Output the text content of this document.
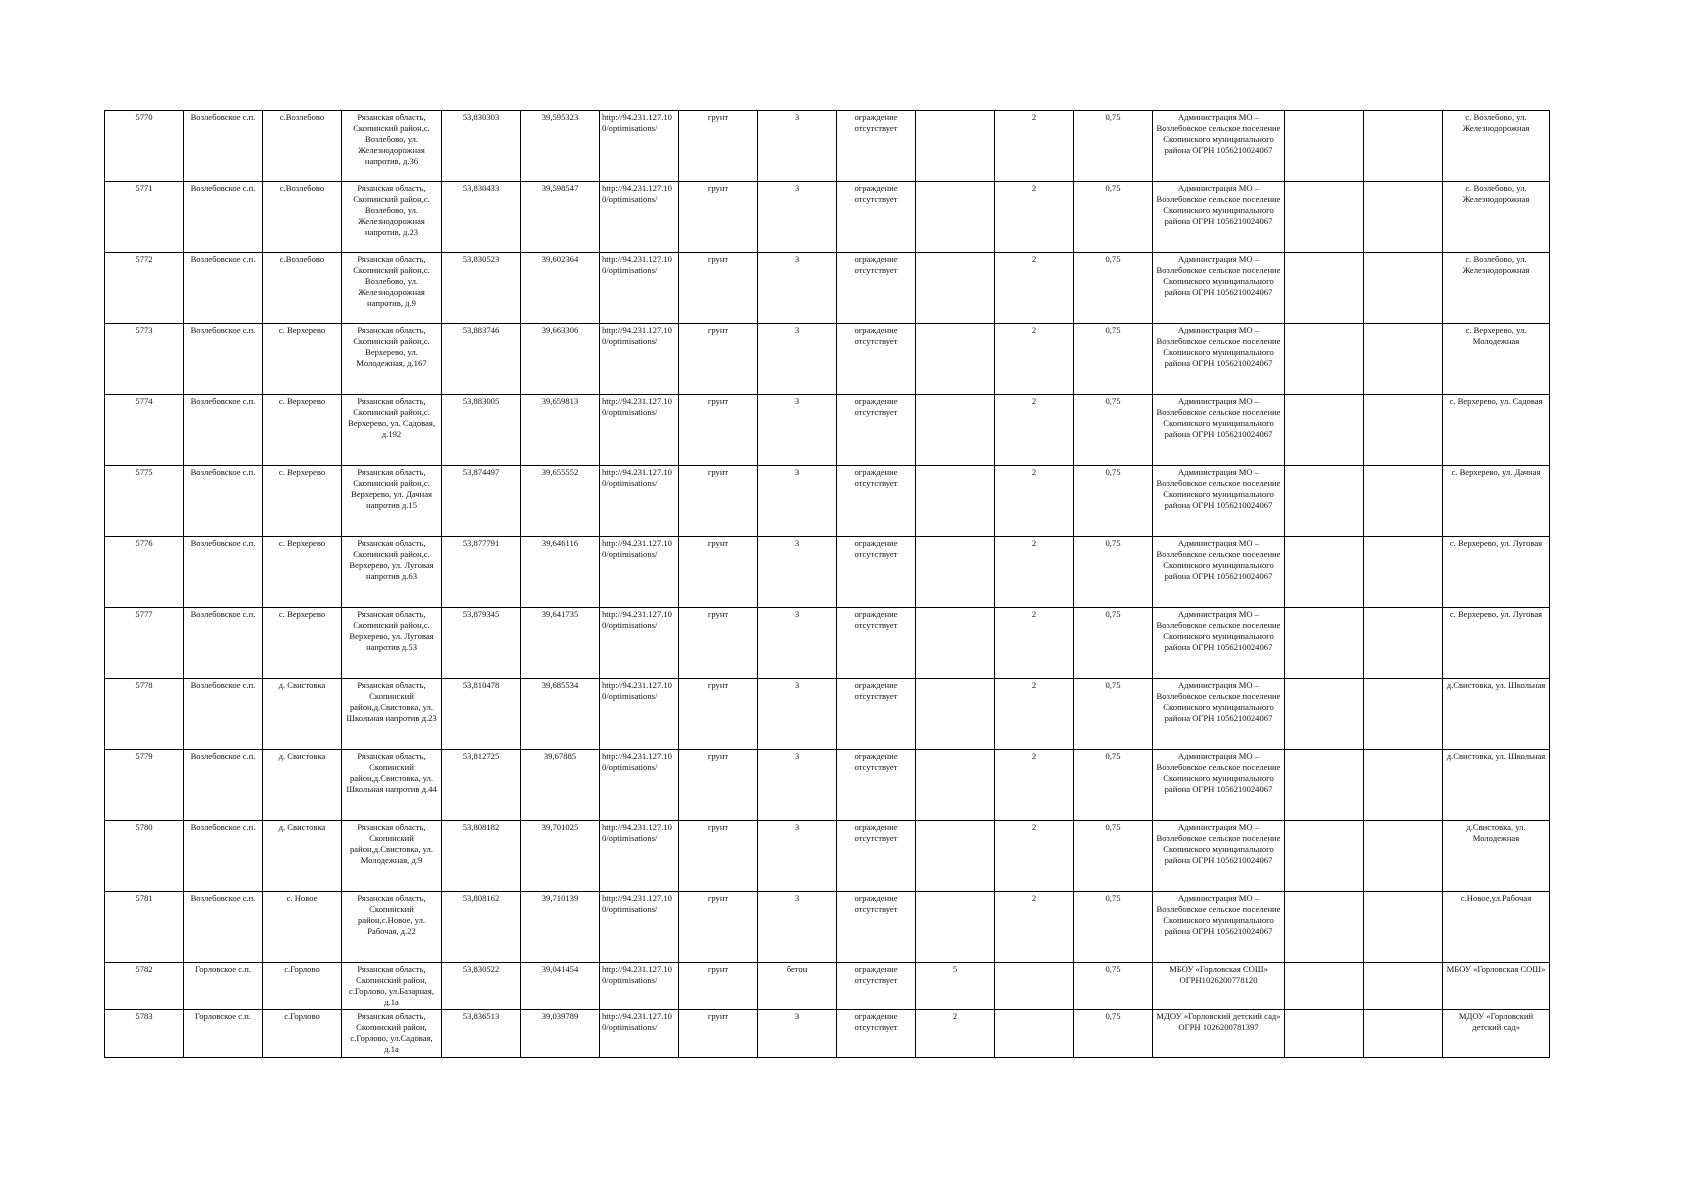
5770	Возлебовское с.п.	с.Возлебово	Рязанская область, Скопинский район,с. Возлебово, ул. Железнодорожная напротив, д.36	53,830303	39,595323	http://94.231.127.10 0/optimisations/	грунт	3	ограждение отсутствует		2	0,75	Администрация МО – Возлебовское сельское поселение Скопинского муниципального района ОГРН 1056210024067			с. Возлебово, ул. Железнодорожная
5771	Возлебовское с.п.	с.Возлебово	Рязанская область, Скопинский район,с. Возлебово, ул. Железнодорожная напротив, д.23	53,830433	39,598547	http://94.231.127.10 0/optimisations/	грунт	3	ограждение отсутствует		2	0,75	Администрация МО – Возлебовское сельское поселение Скопинского муниципального района ОГРН 1056210024067			с. Возлебово, ул. Железнодорожная
5772	Возлебовское с.п.	с.Возлебово	Рязанская область, Скопинский район,с. Возлебово, ул. Железнодорожная напротив, д.9	53,830523	39,602364	http://94.231.127.10 0/optimisations/	грунт	3	ограждение отсутствует		2	0,75	Администрация МО – Возлебовское сельское поселение Скопинского муниципального района ОГРН 1056210024067			с. Возлебово, ул. Железнодорожная
5773	Возлебовское с.п.	с. Верхерево	Рязанская область, Скопинский район,с. Верхерево, ул. Молодежная, д.167	53,883746	39,663306	http://94.231.127.10 0/optimisations/	грунт	3	ограждение отсутствует		2	0,75	Администрация МО – Возлебовское сельское поселение Скопинского муниципального района ОГРН 1056210024067			с. Верхерево, ул. Молодежная
5774	Возлебовское с.п.	с. Верхерево	Рязанская область, Скопинский район,с. Верхерево, ул. Садовая, д.192	53,883005	39,659813	http://94.231.127.10 0/optimisations/	грунт	3	ограждение отсутствует		2	0,75	Администрация МО – Возлебовское сельское поселение Скопинского муниципального района ОГРН 1056210024067			с. Верхерево, ул. Садовая
5775	Возлебовское с.п.	с. Верхерево	Рязанская область, Скопинский район,с. Верхерево, ул. Дачная напротив д.15	53,874497	39,655552	http://94.231.127.10 0/optimisations/	грунт	3	ограждение отсутствует		2	0,75	Администрация МО – Возлебовское сельское поселение Скопинского муниципального района ОГРН 1056210024067			с. Верхерево, ул. Дачная
5776	Возлебовское с.п.	с. Верхерево	Рязанская область, Скопинский район,с. Верхерево, ул. Луговая напротив д.63	53,877791	39,646116	http://94.231.127.10 0/optimisations/	грунт	3	ограждение отсутствует		2	0,75	Администрация МО – Возлебовское сельское поселение Скопинского муниципального района ОГРН 1056210024067			с. Верхерево, ул. Луговая
5777	Возлебовское с.п.	с. Верхерево	Рязанская область, Скопинский район,с. Верхерево, ул. Луговая напротив д.53	53,879345	39,641735	http://94.231.127.10 0/optimisations/	грунт	3	ограждение отсутствует		2	0,75	Администрация МО – Возлебовское сельское поселение Скопинского муниципального района ОГРН 1056210024067			с. Верхерево, ул. Луговая
5778	Возлебовское с.п.	д. Свистовка	Рязанская область, Скопинский район,д.Свистовка, ул. Школьная напротив д.23	53,810478	39,685534	http://94.231.127.10 0/optimisations/	грунт	3	ограждение отсутствует		2	0,75	Администрация МО – Возлебовское сельское поселение Скопинского муниципального района ОГРН 1056210024067			д.Свистовка, ул. Школьная
5779	Возлебовское с.п.	д. Свистовка	Рязанская область, Скопинский район,д.Свистовка, ул. Школьная напротив д.44	53,812725	39,67885	http://94.231.127.10 0/optimisations/	грунт	3	ограждение отсутствует		2	0,75	Администрация МО – Возлебовское сельское поселение Скопинского муниципального района ОГРН 1056210024067			д.Свистовка, ул. Школьная
5780	Возлебовское с.п.	д. Свистовка	Рязанская область, Скопинский район,д.Свистовка, ул. Молодежная, д.9	53,808182	39,701025	http://94.231.127.10 0/optimisations/	грунт	3	ограждение отсутствует		2	0,75	Администрация МО – Возлебовское сельское поселение Скопинского муниципального района ОГРН 1056210024067			д.Свистовка, ул. Молодежная
5781	Возлебовское с.п.	с. Новое	Рязанская область, Скопинский район,с.Новое, ул. Рабочая, д.22	53,808162	39,710139	http://94.231.127.10 0/optimisations/	грунт	3	ограждение отсутствует		2	0,75	Администрация МО – Возлебовское сельское поселение Скопинского муниципального района ОГРН 1056210024067			с.Новое,ул.Рабочая
5782	Горловское с.п.	с.Горлово	Рязанская область, Скопинский район, с.Горлово, ул.Базарная, д.1а	53,830522	39,041454	http://94.231.127.10 0/optimisations/	грунт	бетон	ограждение отсутствует	5		0,75	МБОУ «Горловская СОШ» ОГРН1026200778120			МБОУ «Горловская СОШ»
5783	Горловское с.п.	с.Горлово	Рязанская область, Скопинский район, с.Горлово, ул.Садовая, д.1а	53,836513	39,039789	http://94.231.127.10 0/optimisations/	грунт	3	ограждение отсутствует	2		0,75	МДОУ «Горловский детский сад» ОГРН 1026200781397			МДОУ «Горловский детский сад»
